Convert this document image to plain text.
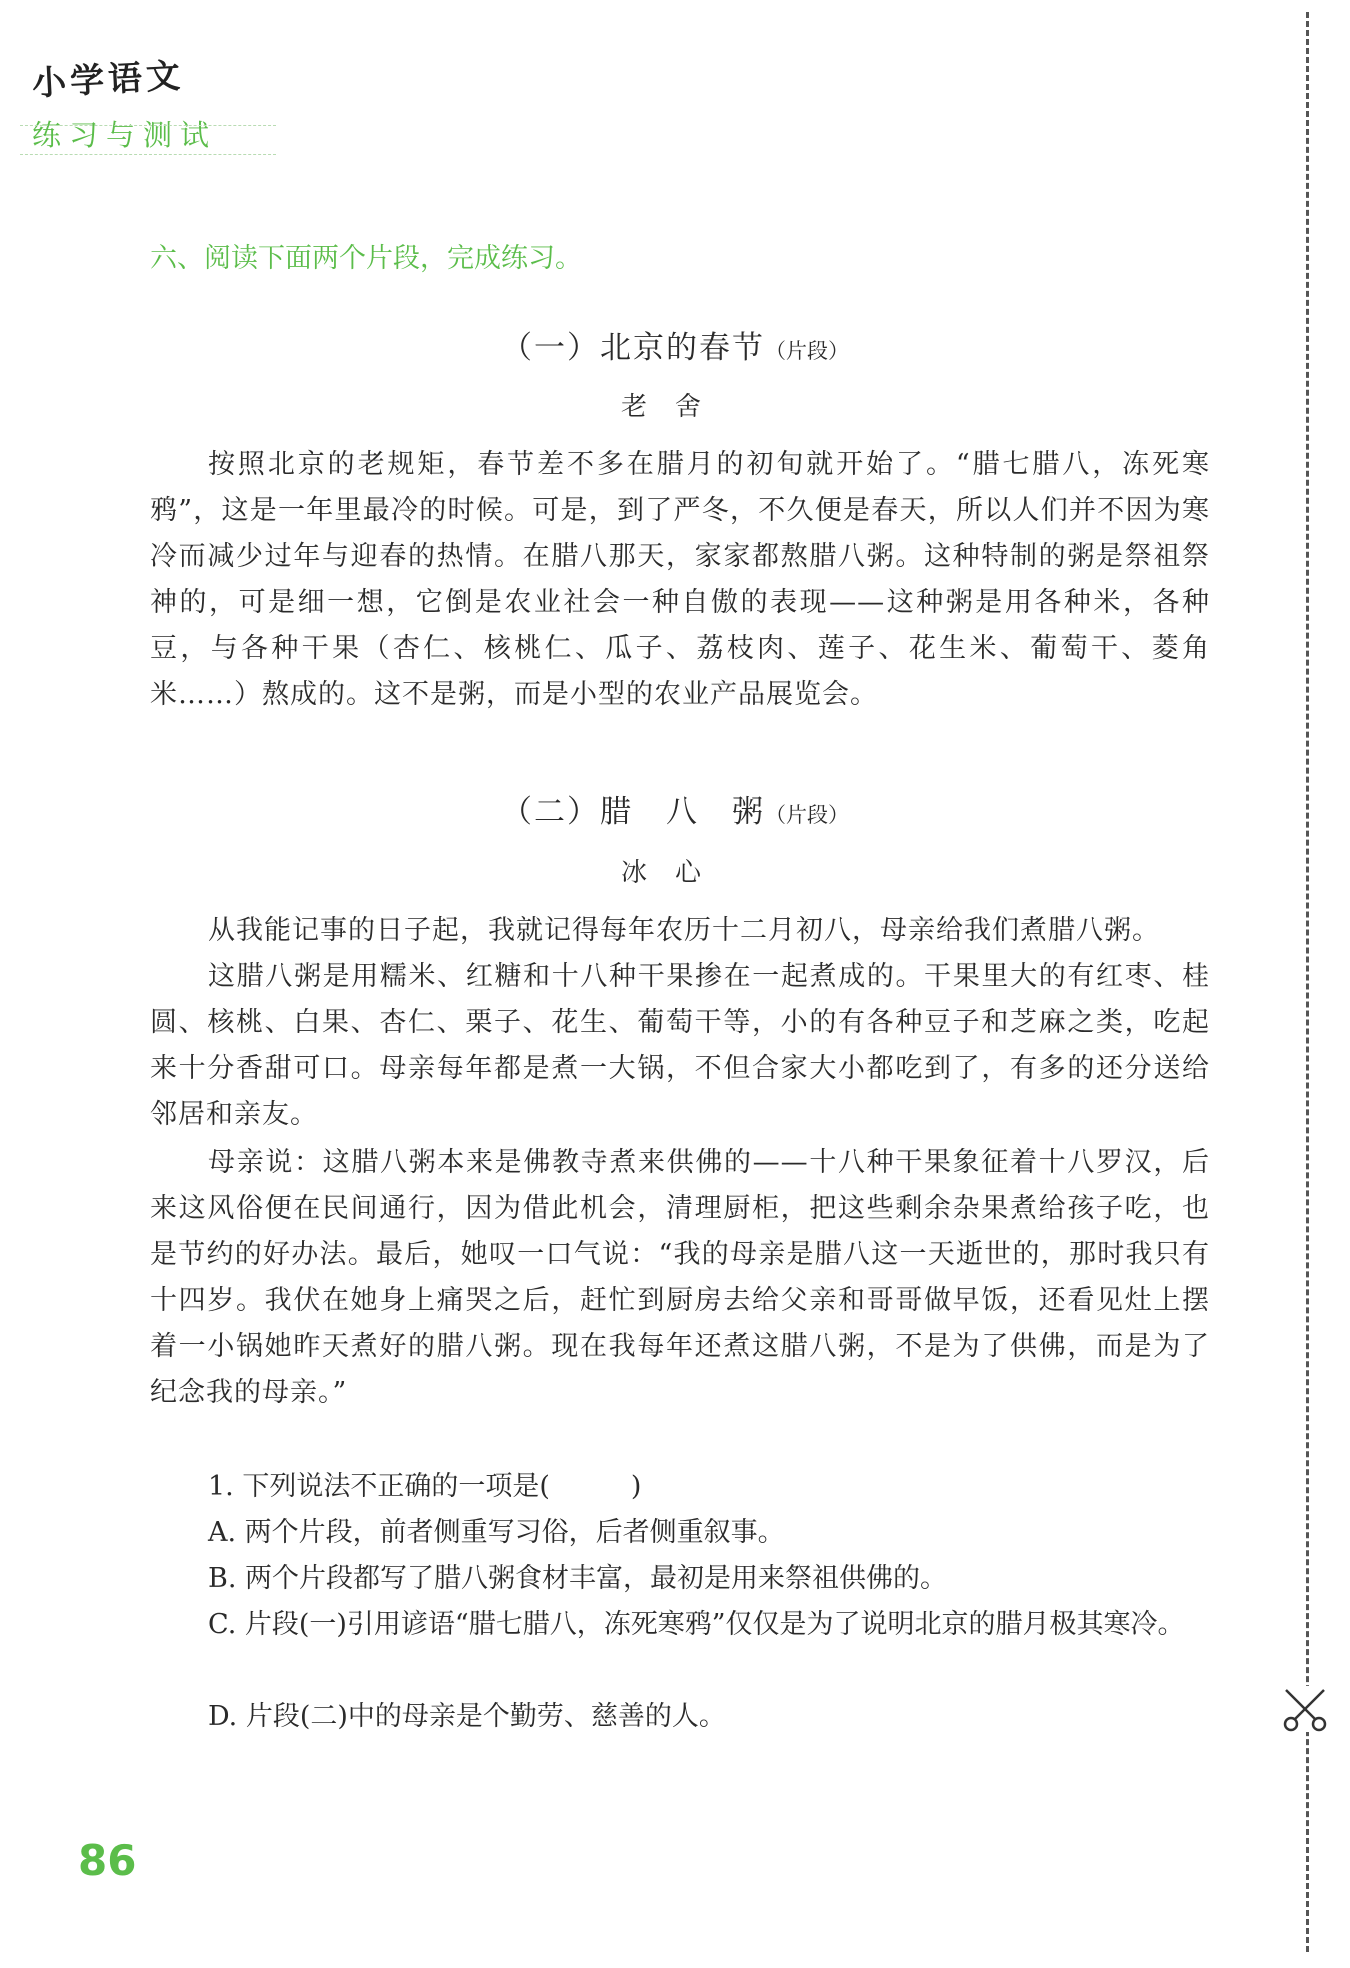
小学语文
练习与测试
六、阅读下面两个片段，完成练习。
（一）北京的春节（片段）
老舍

按照北京的老规矩，春节差不多在腊月的初旬就开始了。“腊七腊八，冻死寒鸦”，这是一年里最冷的时候。可是，到了严冬，不久便是春天，所以人们并不因为寒冷而减少过年与迎春的热情。在腊八那天，家家都熬腊八粥。这种特制的粥是祭祖祭神的，可是细一想，它倒是农业社会一种自傲的表现——这种粥是用各种米，各种豆，与各种干果（杏仁、核桃仁、瓜子、荔枝肉、莲子、花生米、葡萄干、菱角米……）熬成的。这不是粥，而是小型的农业产品展览会。

（二）腊　八　粥（片段）
冰心

从我能记事的日子起，我就记得每年农历十二月初八，母亲给我们煮腊八粥。

这腊八粥是用糯米、红糖和十八种干果掺在一起煮成的。干果里大的有红枣、桂圆、核桃、白果、杏仁、栗子、花生、葡萄干等，小的有各种豆子和芝麻之类，吃起来十分香甜可口。母亲每年都是煮一大锅，不但合家大小都吃到了，有多的还分送给邻居和亲友。

母亲说：这腊八粥本来是佛教寺煮来供佛的——十八种干果象征着十八罗汉，后来这风俗便在民间通行，因为借此机会，清理厨柜，把这些剩余杂果煮给孩子吃，也是节约的好办法。最后，她叹一口气说：“我的母亲是腊八这一天逝世的，那时我只有十四岁。我伏在她身上痛哭之后，赶忙到厨房去给父亲和哥哥做早饭，还看见灶上摆着一小锅她昨天煮好的腊八粥。现在我每年还煮这腊八粥，不是为了供佛，而是为了纪念我的母亲。”

1. 下列说法不正确的一项是(　　　)

A. 两个片段，前者侧重写习俗，后者侧重叙事。

B. 两个片段都写了腊八粥食材丰富，最初是用来祭祖供佛的。

C. 片段(一)引用谚语“腊七腊八，冻死寒鸦”仅仅是为了说明北京的腊月极其寒冷。

D. 片段(二)中的母亲是个勤劳、慈善的人。

86
